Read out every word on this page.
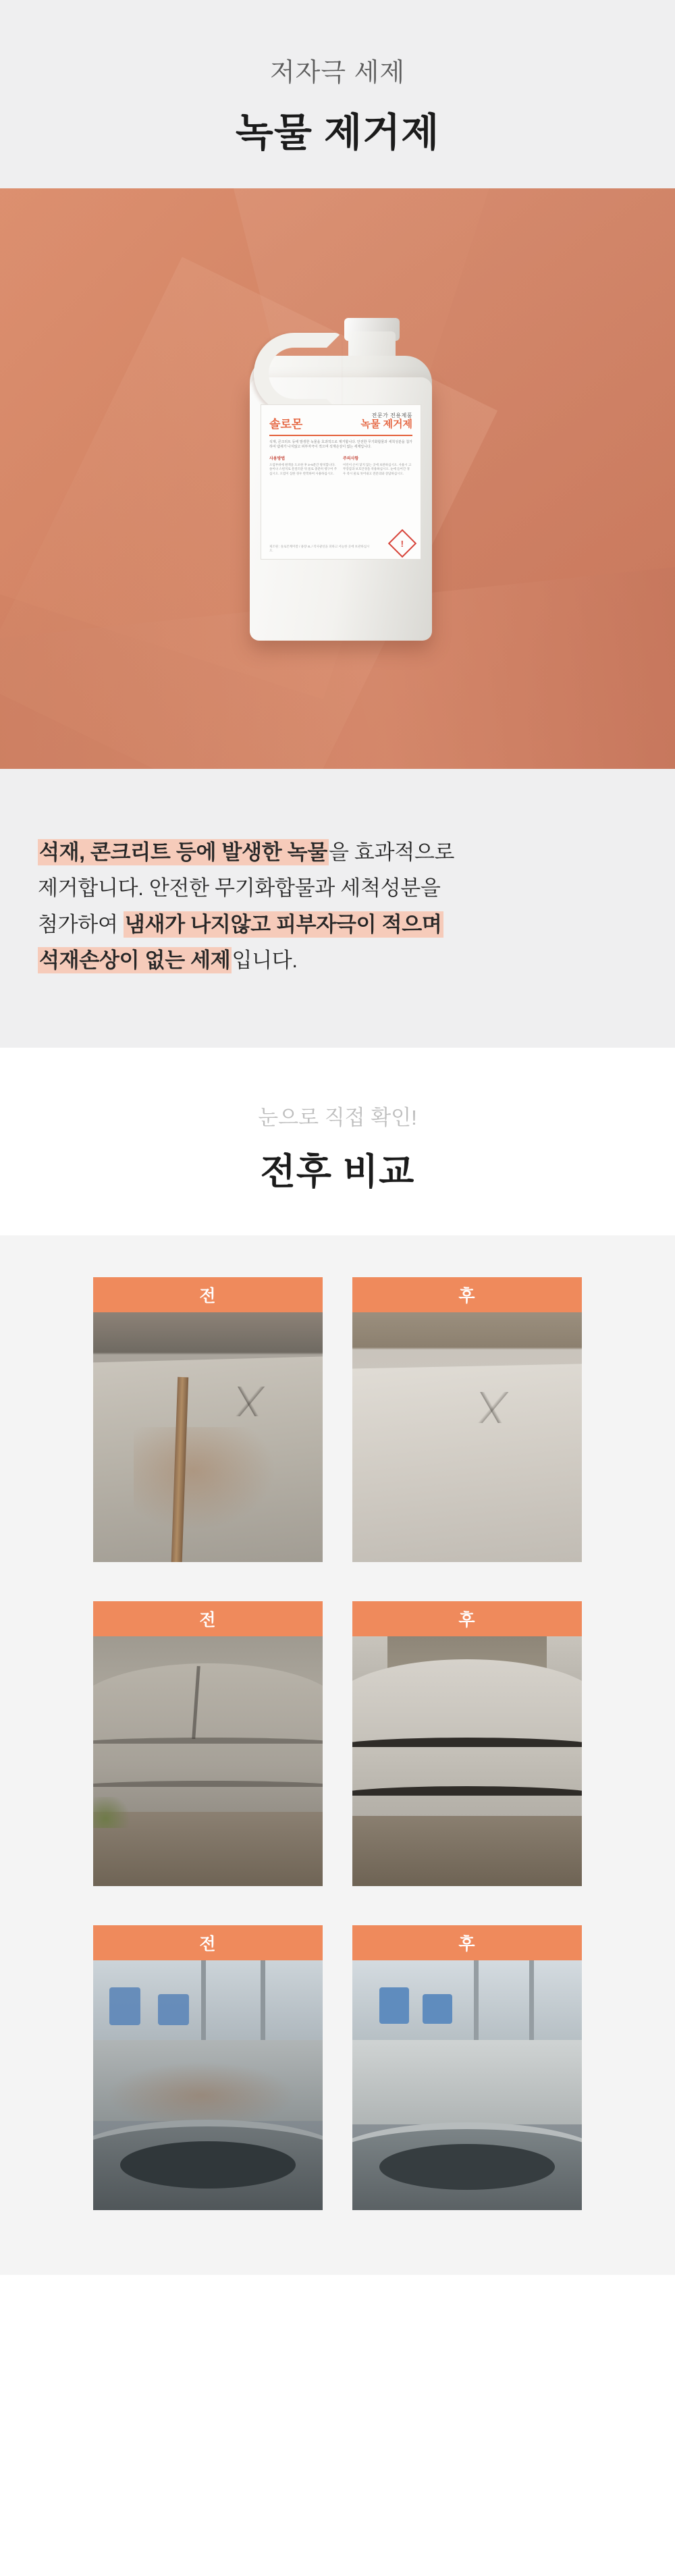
저자극 세제
녹물 제거제
솔로몬
전문가 전용제품
녹물 제거제
석재, 콘크리트 등에 발생한 녹물을 효과적으로 제거합니다. 안전한 무기화합물과 세척성분을 첨가하여 냄새가 나지않고 피부자극이 적으며 석재손상이 없는 세제입니다.
사용방법

오염부위에 원액을 도포한 후 3~5분간 방치합니다. 솔이나 스펀지로 문질러준 뒤 물로 충분히 헹구어 주십시오. 오염이 심한 경우 반복하여 사용하십시오.

주의사항

어린이 손이 닿지 않는 곳에 보관하십시오. 사용시 고무장갑과 보호안경을 착용하십시오. 눈에 들어간 경우 즉시 물로 씻어내고 전문의와 상담하십시오.

제조원 : 솔로몬케미칼 / 용량 4L / 직사광선을 피하고 서늘한 곳에 보관하십시오.
!

석재, 콘크리트 등에 발생한 녹물을 효과적으로
제거합니다. 안전한 무기화합물과 세척성분을
첨가하여 냄새가 나지않고 피부자극이 적으며
석재손상이 없는 세제입니다.

눈으로 직접 확인!
전후 비교
전	후
전	후
전	후
